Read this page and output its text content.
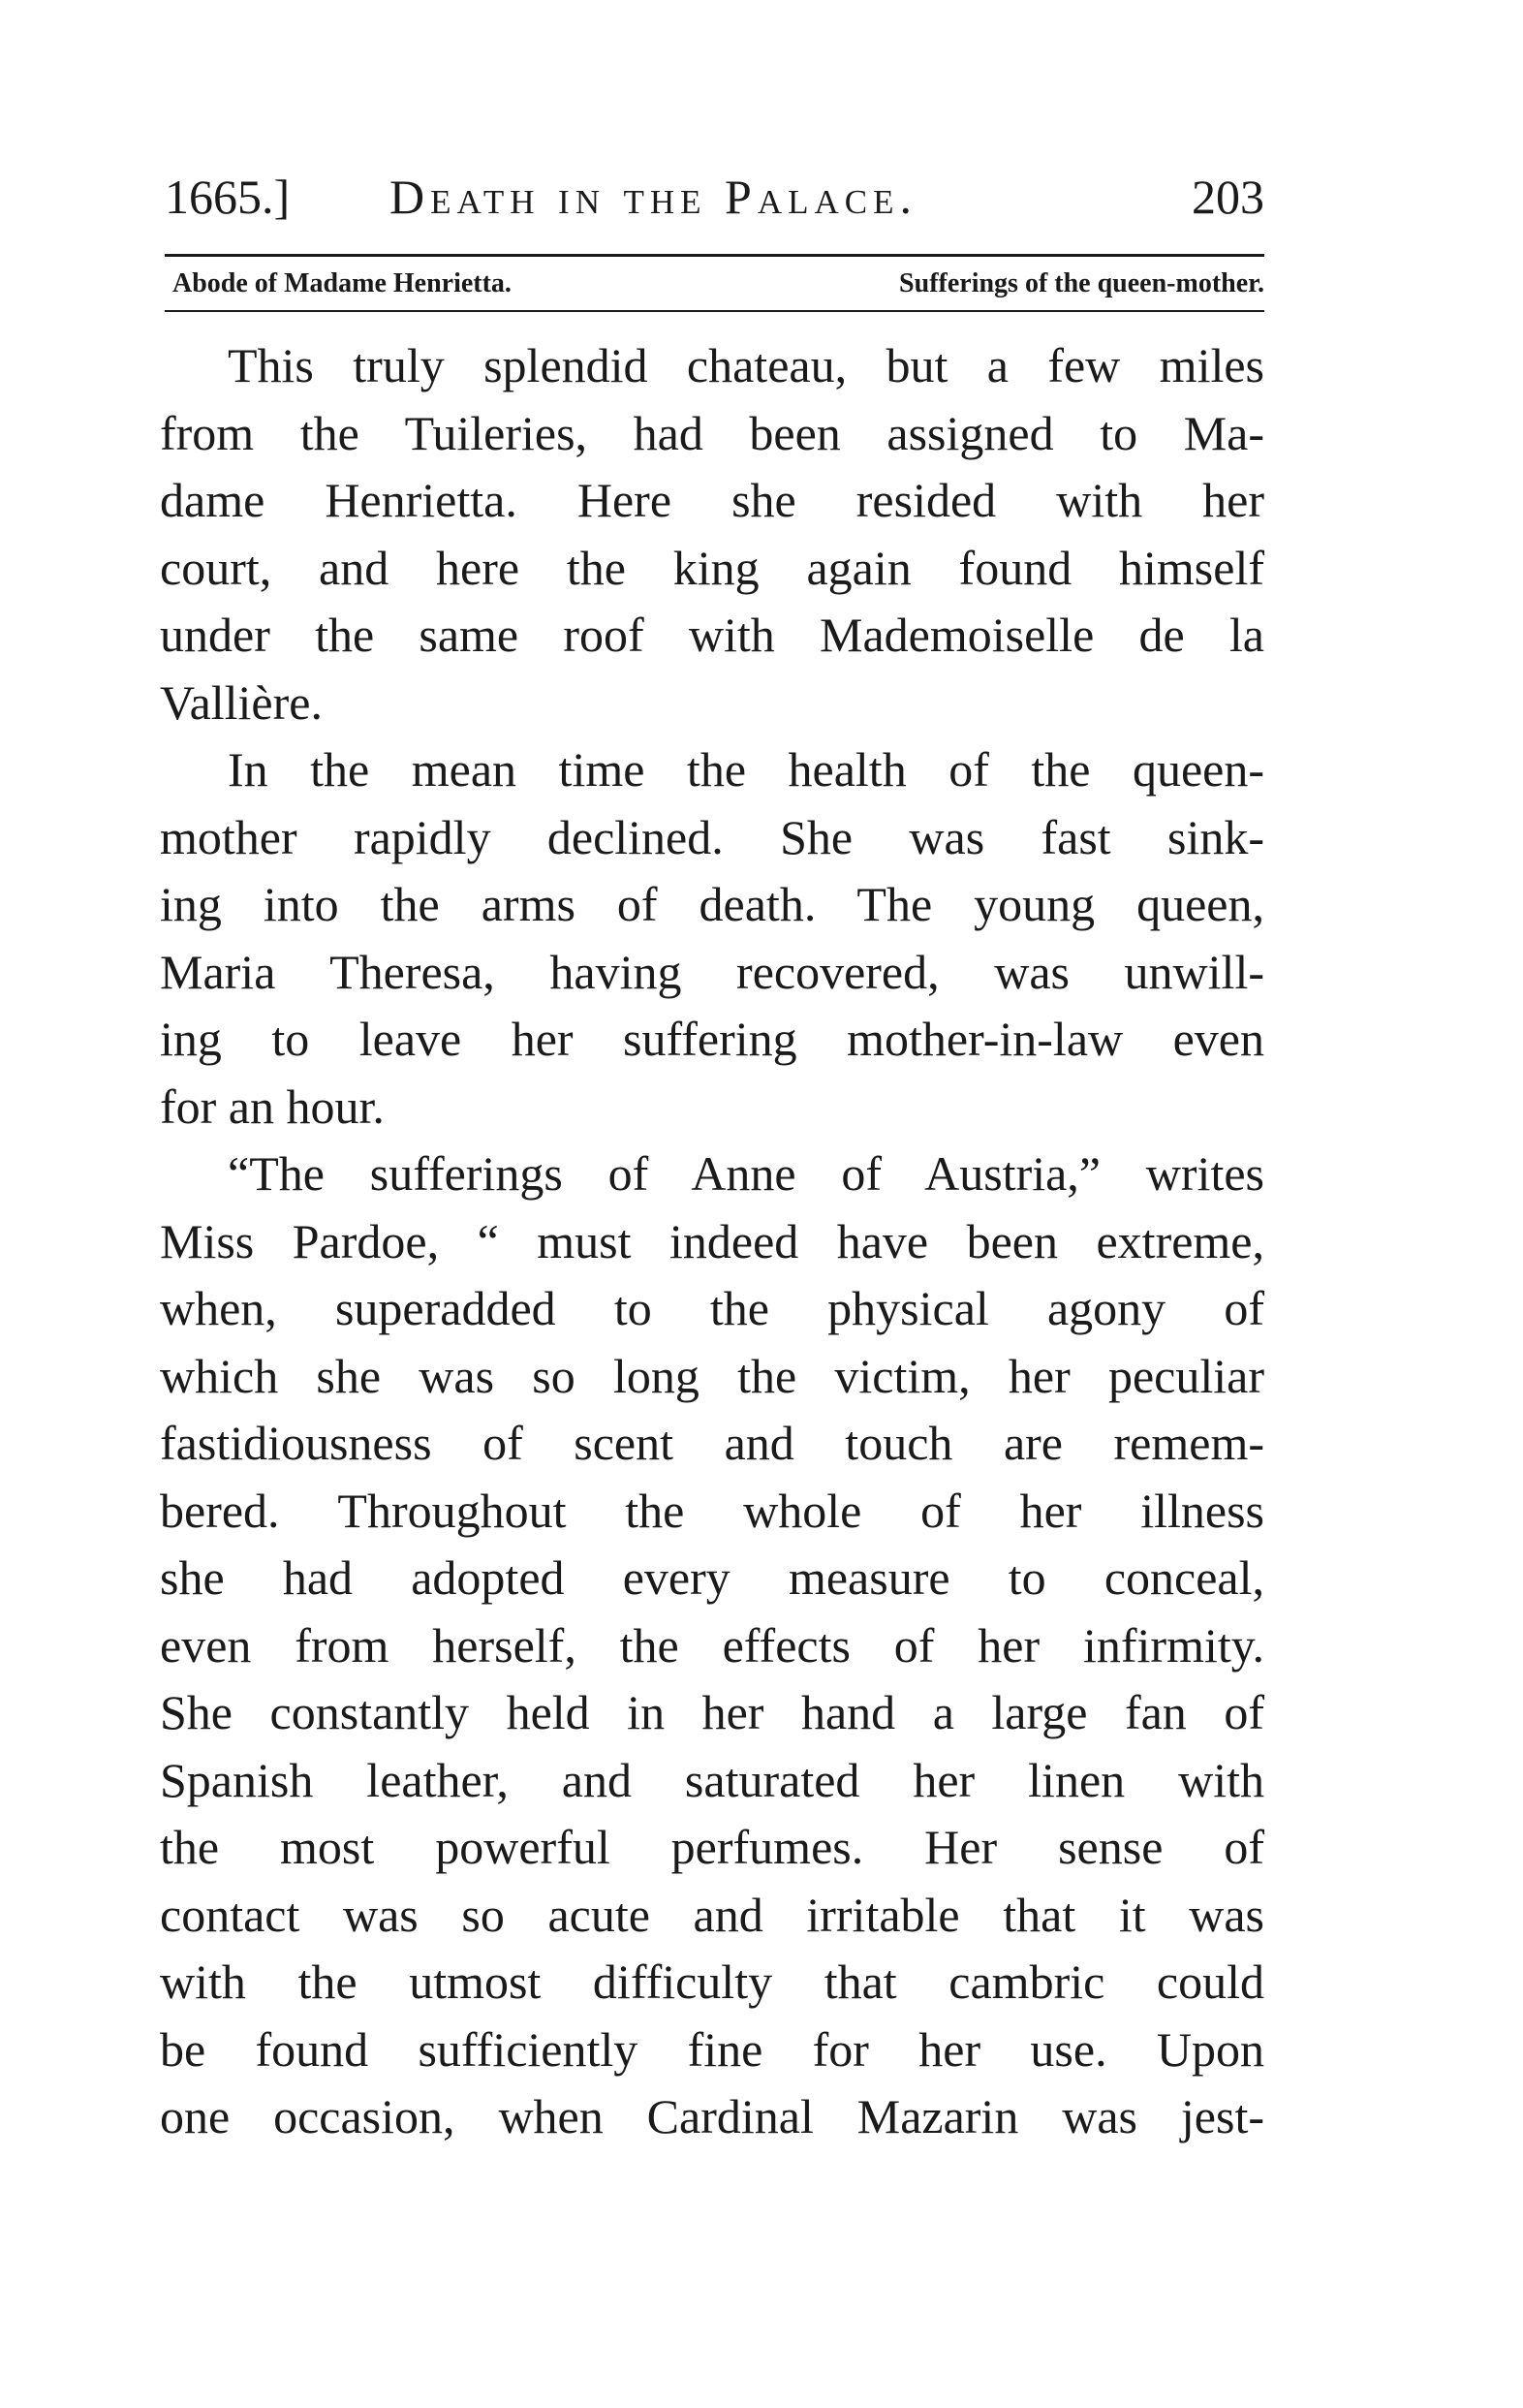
1665.] Death in the Palace.	203
Abode of Madame Henrietta.	Sufferings of the queen-mother.
This truly splendid chateau, but a few miles
from the Tuileries, had been assigned to Ma-
dame Henrietta. Here she resided with her
court, and here the king again found himself
under the same roof with Mademoiselle de la
Vallière.
In the mean time the health of the queen-
mother rapidly declined. She was fast sink-
ing into the arms of death. The young queen,
Maria Theresa, having recovered, was unwill-
ing to leave her suffering mother-in-law even
for an hour.
“The sufferings of Anne of Austria,” writes
Miss Pardoe, “ must indeed have been extreme,
when, superadded to the physical agony of
which she was so long the victim, her peculiar
fastidiousness of scent and touch are remem-
bered. Throughout the whole of her illness
she had adopted every measure to conceal,
even from herself, the effects of her infirmity.
She constantly held in her hand a large fan of
Spanish leather, and saturated her linen with
the most powerful perfumes. Her sense of
contact was so acute and irritable that it was
with the utmost difficulty that cambric could
be found sufficiently fine for her use. Upon
one occasion, when Cardinal Mazarin was jest-
